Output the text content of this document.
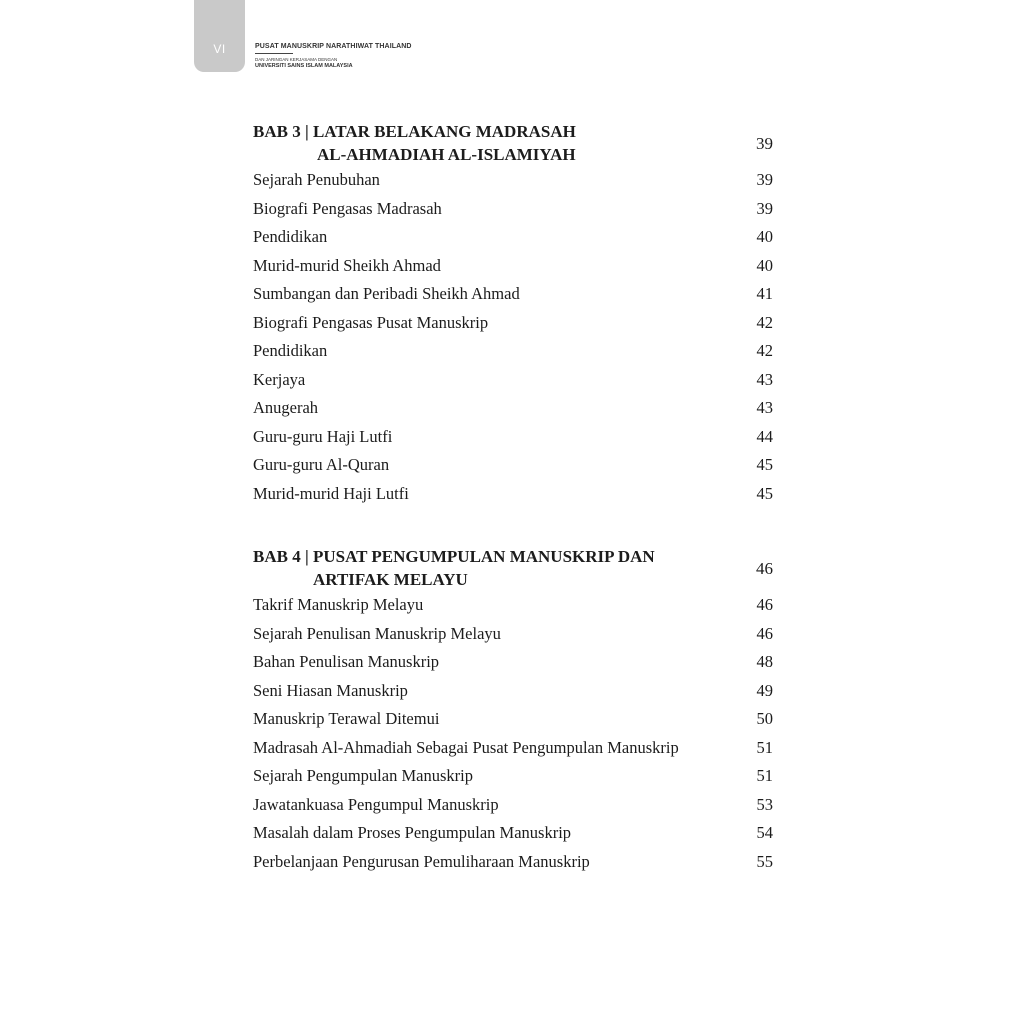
VI	PUSAT MANUSKRIP NARATHIWAT THAILAND
DAN JARINGAN KERJASAMA DENGAN
UNIVERSITI SAINS ISLAM MALAYSIA
BAB 3 | LATAR BELAKANG MADRASAH
AL-AHMADIAH AL-ISLAMIYAH
39
Sejarah Penubuhan	39
Biografi Pengasas Madrasah	39
Pendidikan	40
Murid-murid Sheikh Ahmad	40
Sumbangan dan Peribadi Sheikh Ahmad	41
Biografi Pengasas Pusat Manuskrip	42
Pendidikan	42
Kerjaya	43
Anugerah	43
Guru-guru Haji Lutfi	44
Guru-guru Al-Quran	45
Murid-murid Haji Lutfi	45
BAB 4 | PUSAT PENGUMPULAN MANUSKRIP DAN
ARTIFAK MELAYU
46
Takrif Manuskrip Melayu	46
Sejarah Penulisan Manuskrip Melayu	46
Bahan Penulisan Manuskrip	48
Seni Hiasan Manuskrip	49
Manuskrip Terawal Ditemui	50
Madrasah Al-Ahmadiah Sebagai Pusat Pengumpulan Manuskrip	51
Sejarah Pengumpulan Manuskrip	51
Jawatankuasa Pengumpul Manuskrip	53
Masalah dalam Proses Pengumpulan Manuskrip	54
Perbelanjaan Pengurusan Pemuliharaan Manuskrip	55
